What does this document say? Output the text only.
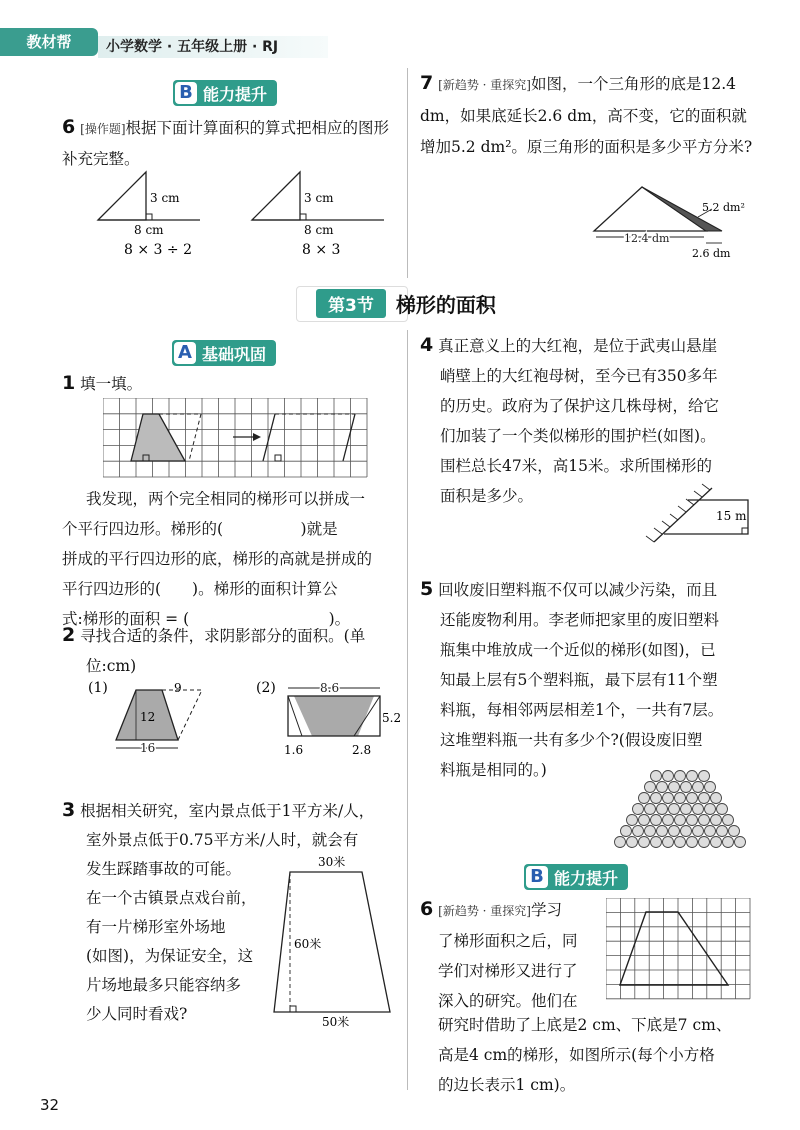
教材帮	小学数学 · 五年级上册 · RJ
B 能力提升
6 [操作题]根据下面计算面积的算式把相应的图形补充完整。
3 cm
8 cm
8 × 3 ÷ 2
3 cm
8 cm
8 × 3
7 [新趋势 · 重探究]如图，一个三角形的底是12.4 dm，如果底延长2.6 dm，高不变，它的面积就增加5.2 dm²。原三角形的面积是多少平方分米?
5.2 dm²
12.4 dm
2.6 dm
第3节	梯形的面积
A 基础巩固
1 填一填。
我发现，两个完全相同的梯形可以拼成一
个平行四边形。梯形的(　　　　　)就是
拼成的平行四边形的底，梯形的高就是拼成的
平行四边形的(　　)。梯形的面积计算公
式:梯形的面积 = (　　　　　　　　　)。
2 寻找合适的条件，求阴影部分的面积。(单
位:cm)
(1)	9
12
16
(2)	8.6
5.2
1.6	2.8
3 根据相关研究，室内景点低于1平方米/人，
室外景点低于0.75平方米/人时，就会有
发生踩踏事故的可能。
在一个古镇景点戏台前，
有一片梯形室外场地
(如图)，为保证安全，这
片场地最多只能容纳多
少人同时看戏?
30米
60米
50米
4 真正意义上的大红袍，是位于武夷山悬崖
峭壁上的大红袍母树，至今已有350多年
的历史。政府为了保护这几株母树，给它
们加装了一个类似梯形的围护栏(如图)。
围栏总长47米，高15米。求所围梯形的
面积是多少。
15 m
5 回收废旧塑料瓶不仅可以减少污染，而且
还能废物利用。李老师把家里的废旧塑料
瓶集中堆放成一个近似的梯形(如图)，已
知最上层有5个塑料瓶，最下层有11个塑
料瓶，每相邻两层相差1个，一共有7层。
这堆塑料瓶一共有多少个?(假设废旧塑
料瓶是相同的。)
B 能力提升
6 [新趋势 · 重探究]学习
了梯形面积之后，同
学们对梯形又进行了
深入的研究。他们在
研究时借助了上底是2 cm、下底是7 cm、
高是4 cm的梯形，如图所示(每个小方格
的边长表示1 cm)。
32
